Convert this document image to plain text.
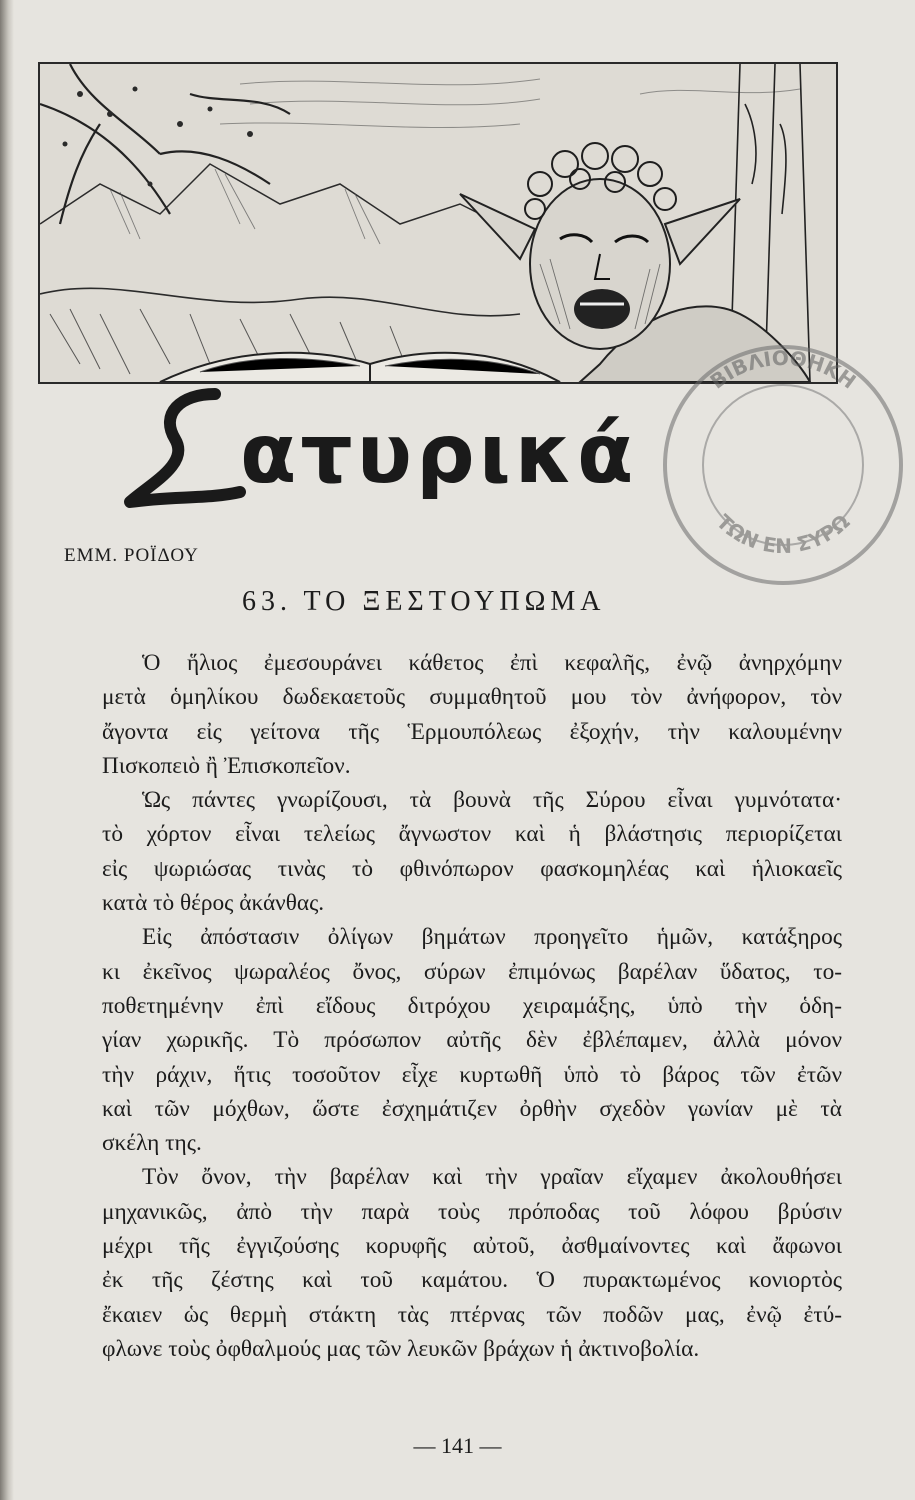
ατυρικά
ΒΙΒΛΙΟΘΗΚΗ
ΤΩΝ ΕΝ ΣΥΡΩ
ΕΜΜ. ΡΟΪΔΟΥ
63. ΤΟ ΞΕΣΤΟΥΠΩΜΑ

Ὁ ἥλιος ἐμεσουράνει κάθετος ἐπὶ κεφαλῆς, ἐνῷ ἀνηρχόμην
μετὰ ὁμηλίκου δωδεκαετοῦς συμμαθητοῦ μου τὸν ἀνήφορον, τὸν
ἄγοντα εἰς γείτονα τῆς Ἑρμουπόλεως ἐξοχήν, τὴν καλουμένην
Πισκοπειὸ ἢ Ἐπισκοπεῖον.

Ὡς πάντες γνωρίζουσι, τὰ βουνὰ τῆς Σύρου εἶναι γυμνότατα·
τὸ χόρτον εἶναι τελείως ἄγνωστον καὶ ἡ βλάστησις περιορίζεται
εἰς ψωριώσας τινὰς τὸ φθινόπωρον φασκομηλέας καὶ ἡλιοκαεῖς
κατὰ τὸ θέρος ἀκάνθας.

Εἰς ἀπόστασιν ὀλίγων βημάτων προηγεῖτο ἡμῶν, κατάξηρος
κι ἐκεῖνος ψωραλέος ὄνος, σύρων ἐπιμόνως βαρέλαν ὕδατος, το-
ποθετημένην ἐπὶ εἴδους διτρόχου χειραμάξης, ὑπὸ τὴν ὁδη-
γίαν χωρικῆς. Τὸ πρόσωπον αὐτῆς δὲν ἐβλέπαμεν, ἀλλὰ μόνον
τὴν ράχιν, ἥτις τοσοῦτον εἶχε κυρτωθῆ ὑπὸ τὸ βάρος τῶν ἐτῶν
καὶ τῶν μόχθων, ὥστε ἐσχημάτιζεν ὀρθὴν σχεδὸν γωνίαν μὲ τὰ
σκέλη της.

Τὸν ὄνον, τὴν βαρέλαν καὶ τὴν γραῖαν εἴχαμεν ἀκολουθήσει
μηχανικῶς, ἀπὸ τὴν παρὰ τοὺς πρόποδας τοῦ λόφου βρύσιν
μέχρι τῆς ἐγγιζούσης κορυφῆς αὐτοῦ, ἀσθμαίνοντες καὶ ἄφωνοι
ἐκ τῆς ζέστης καὶ τοῦ καμάτου. Ὁ πυρακτωμένος κονιορτὸς
ἔκαιεν ὡς θερμὴ στάκτη τὰς πτέρνας τῶν ποδῶν μας, ἐνῷ ἐτύ-
φλωνε τοὺς ὀφθαλμούς μας τῶν λευκῶν βράχων ἡ ἀκτινοβολία.

— 141 —
